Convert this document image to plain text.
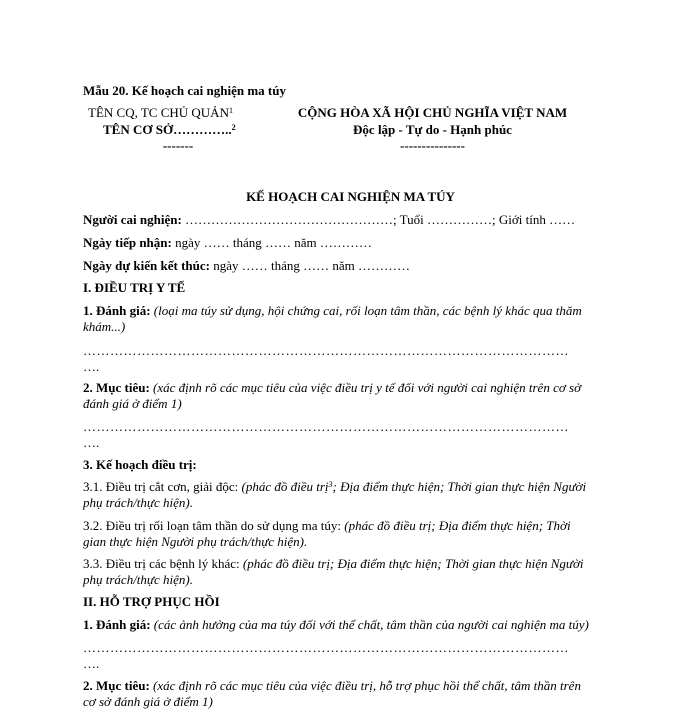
Mẫu 20. Kế hoạch cai nghiện ma túy
TÊN CQ, TC CHỦ QUẢN$^1$
TÊN CƠ SỞ…………..$^2$
-------
CỘNG HÒA XÃ HỘI CHỦ NGHĨA VIỆT NAM
Độc lập - Tự do - Hạnh phúc
---------------
KẾ HOẠCH CAI NGHIỆN MA TÚY
Người cai nghiện: …………………………………………; Tuổi ……………; Giới tính ……
Ngày tiếp nhận: ngày …… tháng …… năm …………
Ngày dự kiến kết thúc: ngày …… tháng …… năm …………
I. ĐIỀU TRỊ Y TẾ
1. Đánh giá: (loại ma túy sử dụng, hội chứng cai, rối loạn tâm thần, các bệnh lý khác qua thăm
khám...)
………………………………………………………………………………………………
….
2. Mục tiêu: (xác định rõ các mục tiêu của việc điều trị y tế đối với người cai nghiện trên cơ sở
đánh giá ở điểm 1)
………………………………………………………………………………………………
….
3. Kế hoạch điều trị:
3.1. Điều trị cắt cơn, giải độc: (phác đồ điều trị$^3$; Địa điểm thực hiện; Thời gian thực hiện Người
phụ trách/thực hiện).
3.2. Điều trị rối loạn tâm thần do sử dụng ma túy: (phác đồ điều trị; Địa điểm thực hiện; Thời
gian thực hiện Người phụ trách/thực hiện).
3.3. Điều trị các bệnh lý khác: (phác đồ điều trị; Địa điểm thực hiện; Thời gian thực hiện Người
phụ trách/thực hiện).
II. HỖ TRỢ PHỤC HỒI
1. Đánh giá: (các ảnh hưởng của ma túy đối với thể chất, tâm thần của người cai nghiện ma túy)
………………………………………………………………………………………………
….
2. Mục tiêu: (xác định rõ các mục tiêu của việc điều trị, hỗ trợ phục hồi thể chất, tâm thần trên
cơ sở đánh giá ở điểm 1)
